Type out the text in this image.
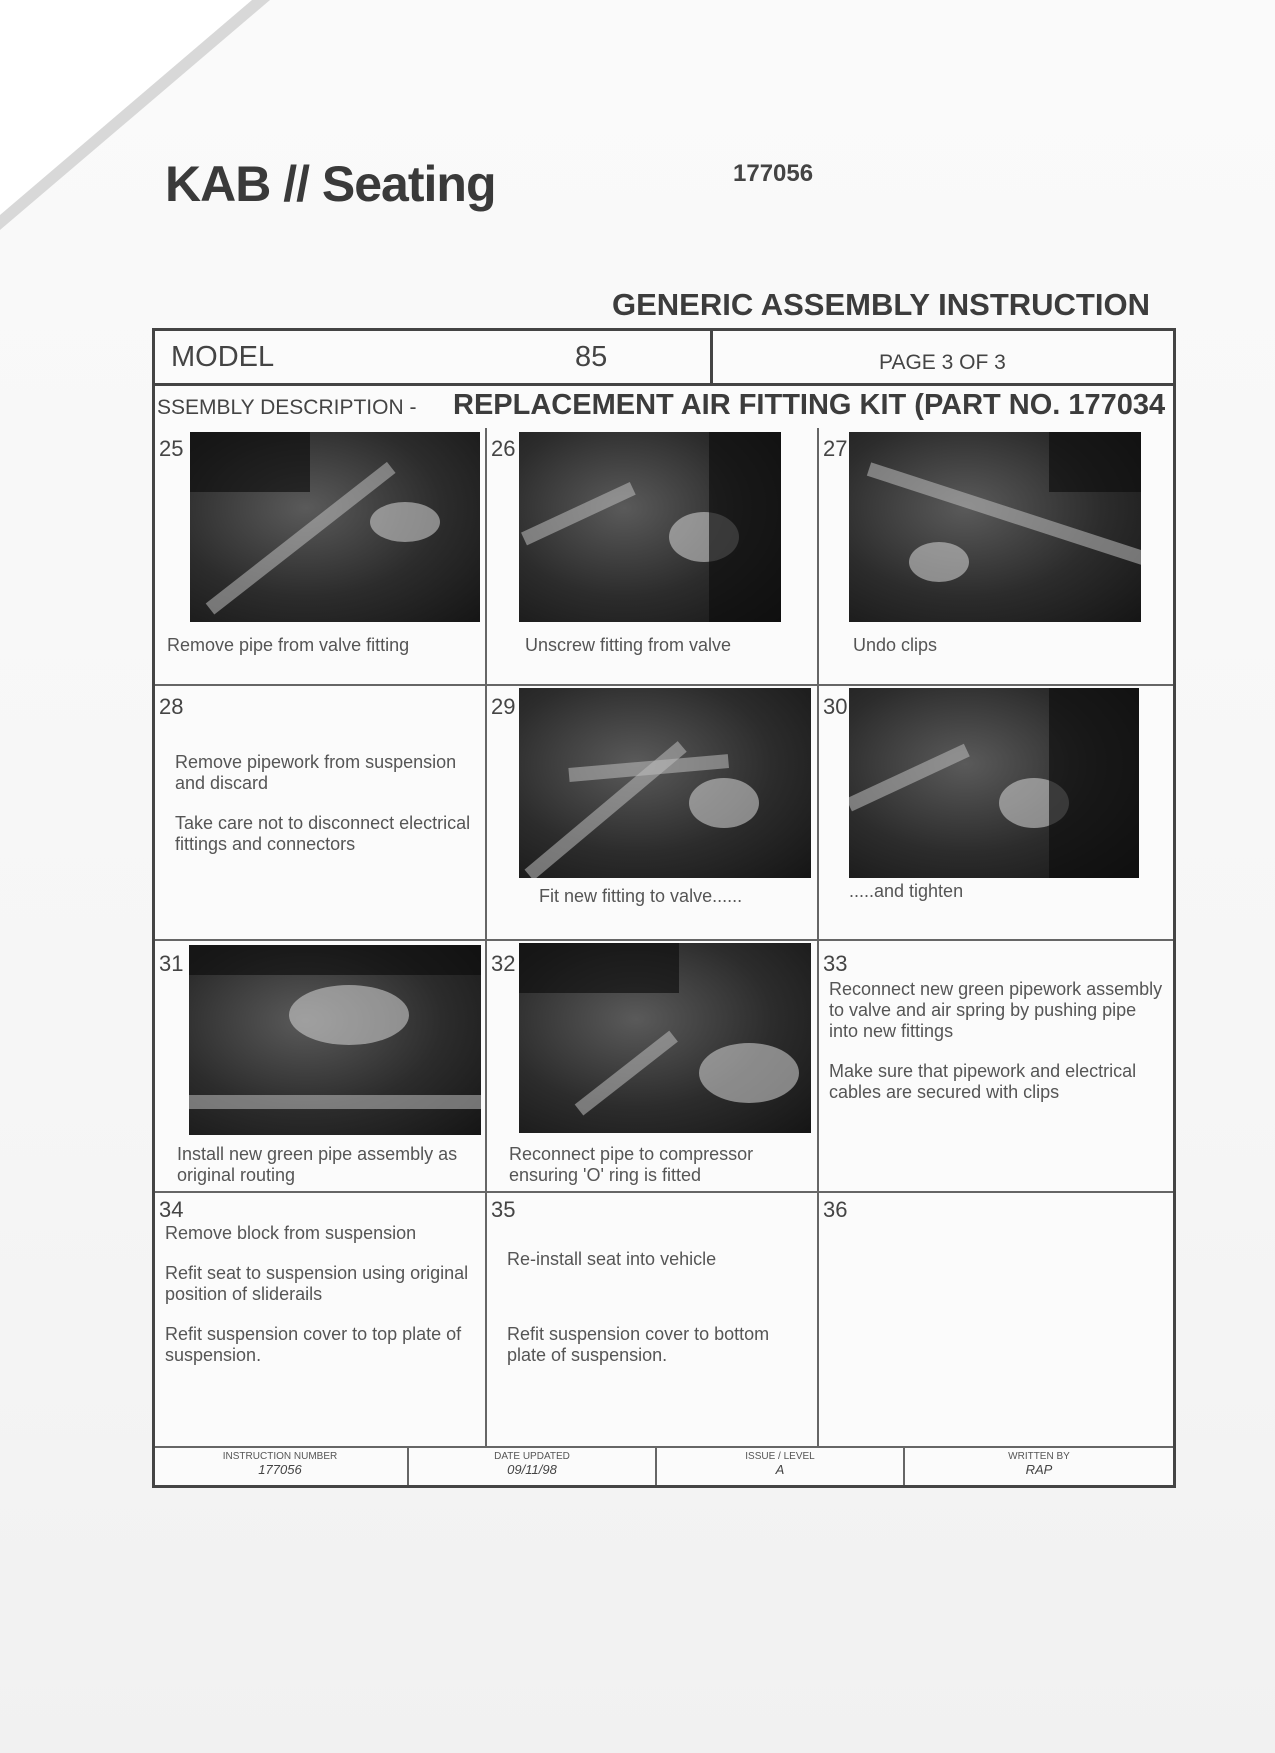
KAB // Seating	177056
GENERIC ASSEMBLY INSTRUCTION
MODEL	85	PAGE 3 OF 3
SSEMBLY DESCRIPTION - REPLACEMENT AIR FITTING KIT (PART NO. 177034
25
Remove pipe from valve fitting
26
Unscrew fitting from valve
27
Undo clips
28
Remove pipework from suspension and discard
Take care not to disconnect electrical fittings and connectors
29
Fit new fitting to valve......
30
.....and tighten
31
Install new green pipe assembly as original routing
32
Reconnect pipe to compressor ensuring 'O' ring is fitted
33
Reconnect new green pipework assembly to valve and air spring by pushing pipe into new fittings
Make sure that pipework and electrical cables are secured with clips
34
Remove block from suspension
Refit seat to suspension using original position of sliderails
Refit suspension cover to top plate of suspension.
35
Re-install seat into vehicle
Refit suspension cover to bottom plate of suspension.
36
INSTRUCTION NUMBER
177056
DATE UPDATED
09/11/98
ISSUE / LEVEL
A
WRITTEN BY
RAP
